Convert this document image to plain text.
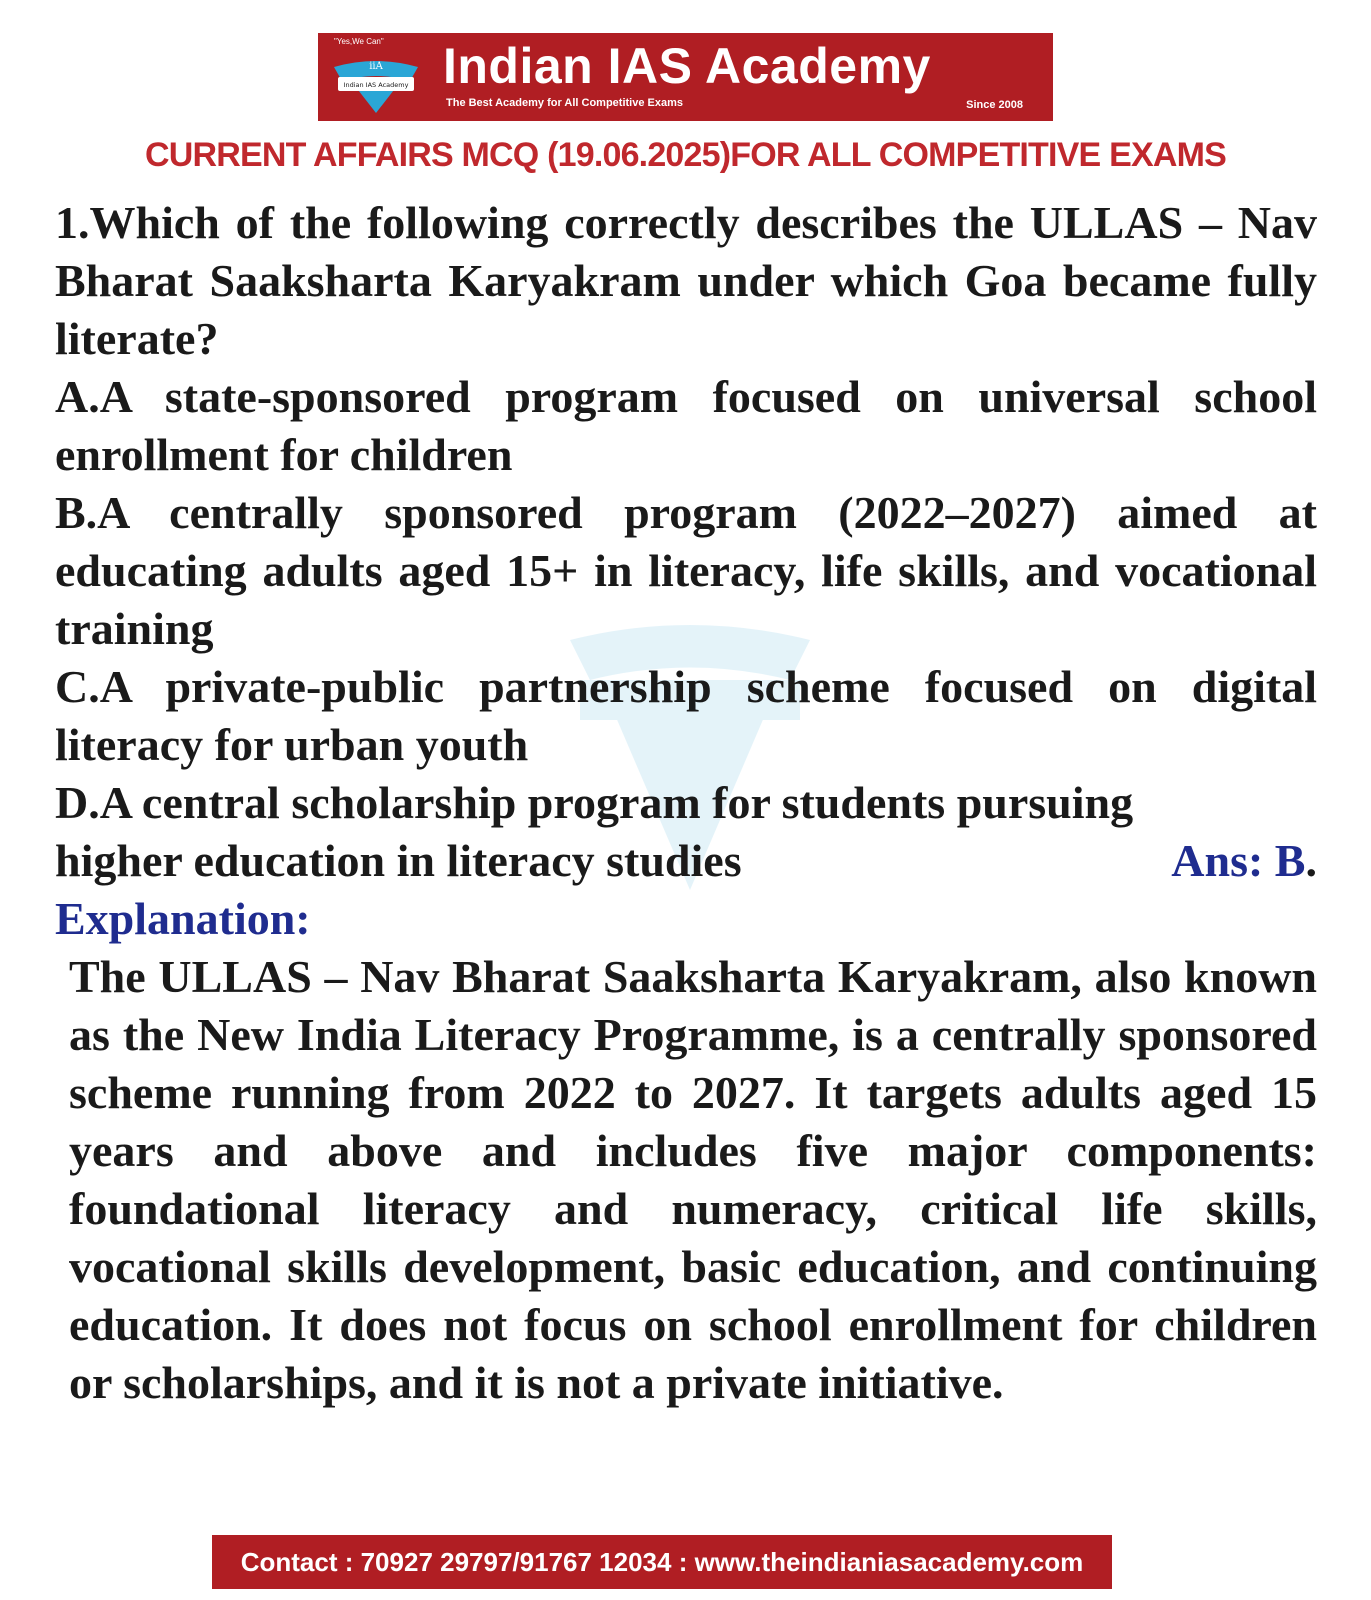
"Yes,We Can"
iiA
Indian IAS Academy Indian IAS Academy
The Best Academy for All Competitive Exams	Since 2008
CURRENT AFFAIRS MCQ (19.06.2025)FOR ALL COMPETITIVE EXAMS

1.Which of the following correctly describes the ULLAS – Nav Bharat Saaksharta Karyakram under which Goa became fully literate?

A.A state-sponsored program focused on universal school enrollment for children

B.A centrally sponsored program (2022–2027) aimed at educating adults aged 15+ in literacy, life skills, and vocational training

C.A private-public partnership scheme focused on digital literacy for urban youth

D.A central scholarship program for students pursuing

higher education in literacy studies	Ans: B.

Explanation:

The ULLAS – Nav Bharat Saaksharta Karyakram, also known as the New India Literacy Programme, is a centrally sponsored scheme running from 2022 to 2027. It targets adults aged 15 years and above and includes five major components: foundational literacy and numeracy, critical life skills, vocational skills development, basic education, and continuing education. It does not focus on school enrollment for children or scholarships, and it is not a private initiative.

Contact : 70927 29797/91767 12034 : www.theindianiasacademy.com
